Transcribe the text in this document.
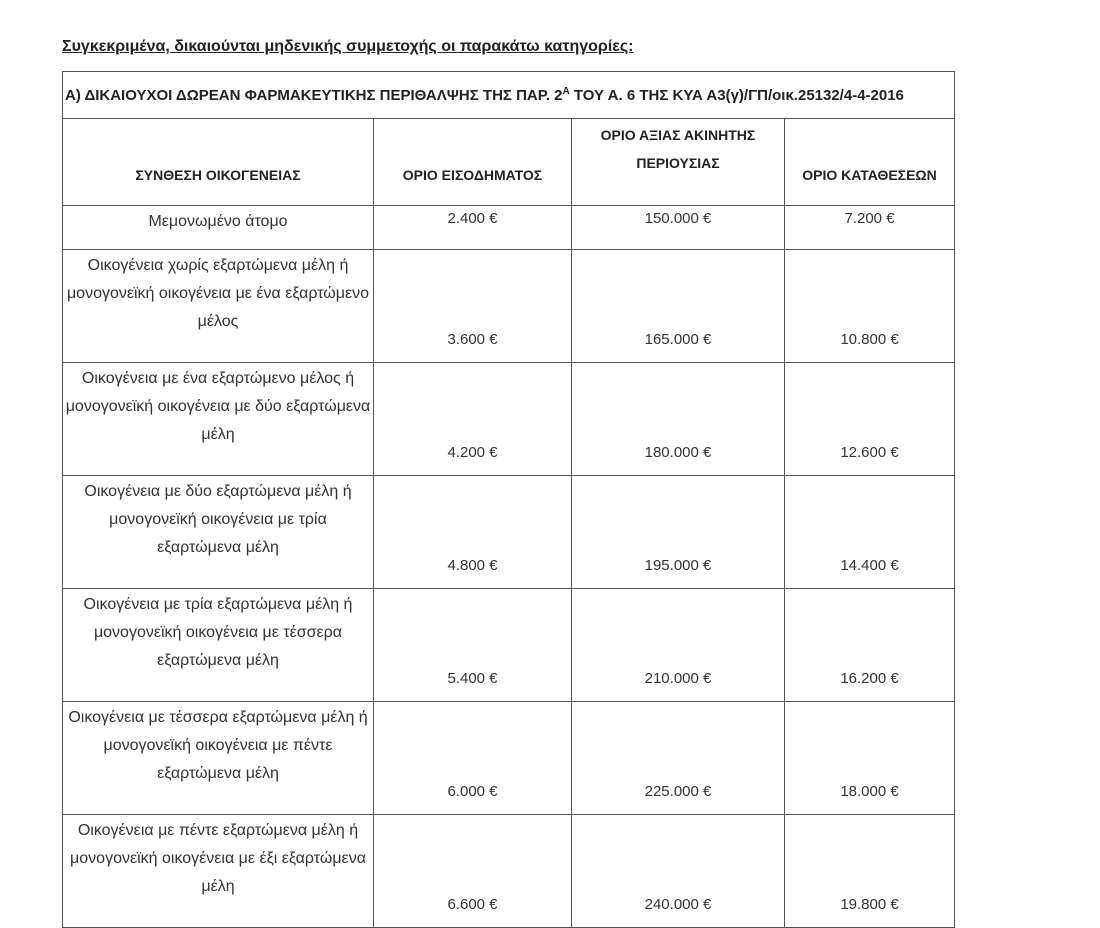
Συγκεκριμένα, δικαιούνται μηδενικής συμμετοχής οι παρακάτω κατηγορίες:
Α) ΔΙΚΑΙΟΥΧΟΙ ΔΩΡΕΑΝ ΦΑΡΜΑΚΕΥΤΙΚΗΣ ΠΕΡΙΘΑΛΨΗΣ ΤΗΣ ΠΑΡ. $2^A$ ΤΟΥ Α. 6 ΤΗΣ ΚΥΑ Α3(γ)/ΓΠ/οικ.25132/4-4-2016			
ΣΥΝΘΕΣΗ ΟΙΚΟΓΕΝΕΙΑΣ	ΟΡΙΟ ΕΙΣΟΔΗΜΑΤΟΣ	ΟΡΙΟ ΑΞΙΑΣ ΑΚΙΝΗΤΗΣ ΠΕΡΙΟΥΣΙΑΣ	ΟΡΙΟ ΚΑΤΑΘΕΣΕΩΝ
Μεμονωμένο άτομο	2.400 €	150.000 €	7.200 €
Οικογένεια χωρίς εξαρτώμενα μέλη ή μονογονεϊκή οικογένεια με ένα εξαρτώμενο μέλος	3.600 €	165.000 €	10.800 €
Οικογένεια με ένα εξαρτώμενο μέλος ή μονογονεϊκή οικογένεια με δύο εξαρτώμενα μέλη	4.200 €	180.000 €	12.600 €
Οικογένεια με δύο εξαρτώμενα μέλη ή μονογονεϊκή οικογένεια με τρία εξαρτώμενα μέλη	4.800 €	195.000 €	14.400 €
Οικογένεια με τρία εξαρτώμενα μέλη ή μονογονεϊκή οικογένεια με τέσσερα εξαρτώμενα μέλη	5.400 €	210.000 €	16.200 €
Οικογένεια με τέσσερα εξαρτώμενα μέλη ή μονογονεϊκή οικογένεια με πέντε εξαρτώμενα μέλη	6.000 €	225.000 €	18.000 €
Οικογένεια με πέντε εξαρτώμενα μέλη ή μονογονεϊκή οικογένεια με έξι εξαρτώμενα μέλη	6.600 €	240.000 €	19.800 €
